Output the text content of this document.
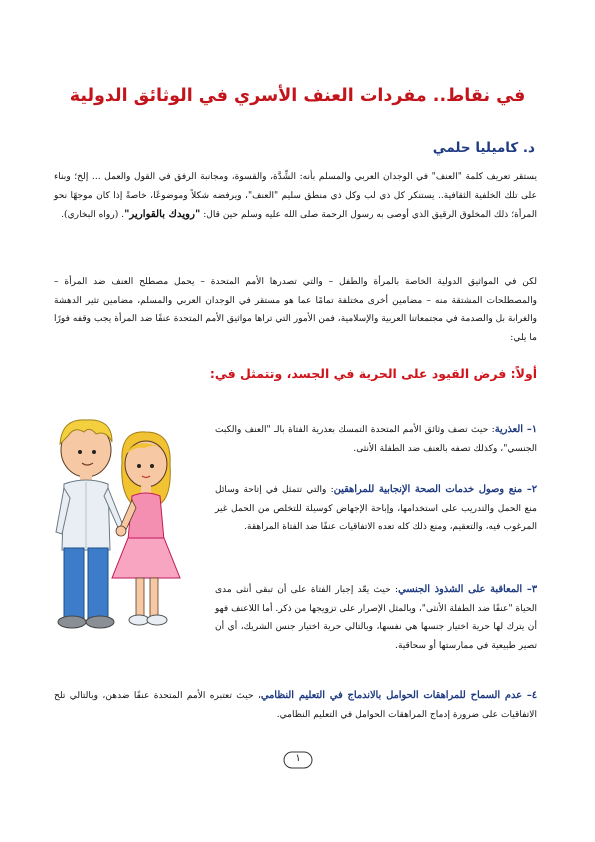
في نقاط.. مفردات العنف الأسري في الوثائق الدولية
د. كاميليا حلمي

يستقر تعريف كلمة "العنف" في الوجدان العربي والمسلم بأنه: الشِّدَّة، والقسوة، ومجانبة الرفق في القول والعمل ... إلخ؛ وبناء على تلك الخلفية الثقافية.. يستنكر كل ذي لب وكل ذي منطق سليم "العنف"، ويرفضه شكلاً وموضوعًا، خاصةً إذا كان موجهًا نحو المرأة؛ ذلك المخلوق الرقيق الذي أوصى به رسول الرحمة صلى الله عليه وسلم حين قال: "رويدك بالقوارير". (رواه البخاري).

لكن في المواثيق الدولية الخاصة بالمرأة والطفل – والتي تصدرها الأمم المتحدة – يحمل مصطلح العنف ضد المرأة – والمصطلحات المشتقة منه – مضامين أخرى مختلفة تمامًا عما هو مستقر في الوجدان العربي والمسلم، مضامين تثير الدهشة والغرابة بل والصدمة في مجتمعاتنا العربية والإسلامية، فمن الأمور التي تراها مواثيق الأمم المتحدة عنفًا ضد المرأة يجب وقفه فورًا ما يلي:

أولاً: فرض القيود على الحرية في الجسد، وتتمثل في:

١– العذرية: حيث تصف وثائق الأمم المتحدة التمسك بعذرية الفتاة بالـ "العنف والكبت الجنسي"، وكذلك تصفه بالعنف ضد الطفلة الأنثى.

٢– منع وصول خدمات الصحة الإنجابية للمراهقين: والتي تتمثل في إتاحة وسائل منع الحمل والتدريب على استخدامها، وإباحة الإجهاض كوسيلة للتخلص من الحمل غير المرغوب فيه، والتعقيم، ومنع ذلك كله تعده الاتفاقيات عنفًا ضد الفتاة المراهقة.

٣– المعاقبة على الشذوذ الجنسي: حيث يعّد إجبار الفتاة على أن تبقى أنثى مدى الحياة "عنفًا ضد الطفلة الأنثى"، وبالمثل الإصرار على تزويجها من ذكر. أما اللاعنف فهو أن يترك لها حرية اختيار جنسها هي نفسها، وبالتالي حرية اختيار جنس الشريك، أي أن تصير طبيعية في ممارستها أو سحاقية.

٤– عدم السماح للمراهقات الحوامل بالاندماج في التعليم النظامي، حيث تعتبره الأمم المتحدة عنفًا ضدهن، وبالتالي تلح الاتفاقيات على ضرورة إدماج المراهقات الحوامل في التعليم النظامي.

١
